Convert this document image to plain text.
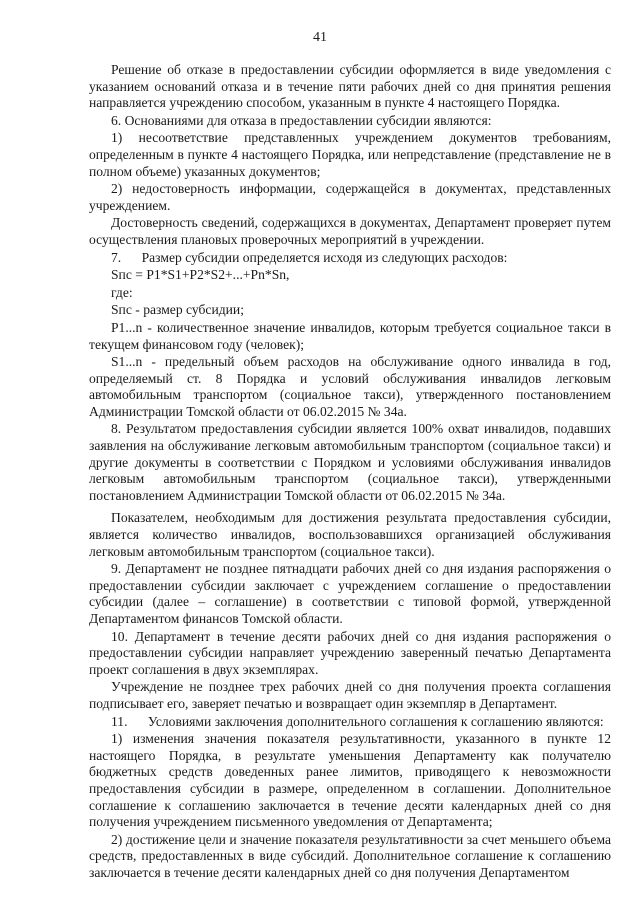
41

Решение об отказе в предоставлении субсидии оформляется в виде уведомления с указанием оснований отказа и в течение пяти рабочих дней со дня принятия решения направляется учреждению способом, указанным в пункте 4 настоящего Порядка.

6. Основаниями для отказа в предоставлении субсидии являются:

1) несоответствие представленных учреждением документов требованиям, определенным в пункте 4 настоящего Порядка, или непредставление (представление не в полном объеме) указанных документов;

2) недостоверность информации, содержащейся в документах, представленных учреждением.

Достоверность сведений, содержащихся в документах, Департамент проверяет путем осуществления плановых проверочных мероприятий в учреждении.

7.      Размер субсидии определяется исходя из следующих расходов:

Sпс = P1*S1+P2*S2+...+Pn*Sn,

где:

Sпс - размер субсидии;

P1...n - количественное значение инвалидов, которым требуется социальное такси в текущем финансовом году (человек);

S1...n - предельный объем расходов на обслуживание одного инвалида в год, определяемый ст. 8 Порядка и условий обслуживания инвалидов легковым автомобильным транспортом (социальное такси), утвержденного постановлением Администрации Томской области от 06.02.2015 № 34а.

8. Результатом предоставления субсидии является 100% охват инвалидов, подавших заявления на обслуживание легковым автомобильным транспортом (социальное такси) и другие документы в соответствии с Порядком и условиями обслуживания инвалидов легковым автомобильным транспортом (социальное такси), утвержденными постановлением Администрации Томской области от 06.02.2015 № 34а.

Показателем, необходимым для достижения результата предоставления субсидии, является количество инвалидов, воспользовавшихся организацией обслуживания легковым автомобильным транспортом (социальное такси).

9. Департамент не позднее пятнадцати рабочих дней со дня издания распоряжения о предоставлении субсидии заключает с учреждением соглашение о предоставлении субсидии (далее – соглашение) в соответствии с типовой формой, утвержденной Департаментом финансов Томской области.

10. Департамент в течение десяти рабочих дней со дня издания распоряжения о предоставлении субсидии направляет учреждению заверенный печатью Департамента проект соглашения в двух экземплярах.

Учреждение не позднее трех рабочих дней со дня получения проекта соглашения подписывает его, заверяет печатью и возвращает один экземпляр в Департамент.

11.      Условиями заключения дополнительного соглашения к соглашению являются:

1) изменения значения показателя результативности, указанного в пункте 12 настоящего Порядка, в результате уменьшения Департаменту как получателю бюджетных средств доведенных ранее лимитов, приводящего к невозможности предоставления субсидии в размере, определенном в соглашении. Дополнительное соглашение к соглашению заключается в течение десяти календарных дней со дня получения учреждением письменного уведомления от Департамента;

2) достижение цели и значение показателя результативности за счет меньшего объема средств, предоставленных в виде субсидий. Дополнительное соглашение к соглашению заключается в течение десяти календарных дней со дня получения Департаментом
